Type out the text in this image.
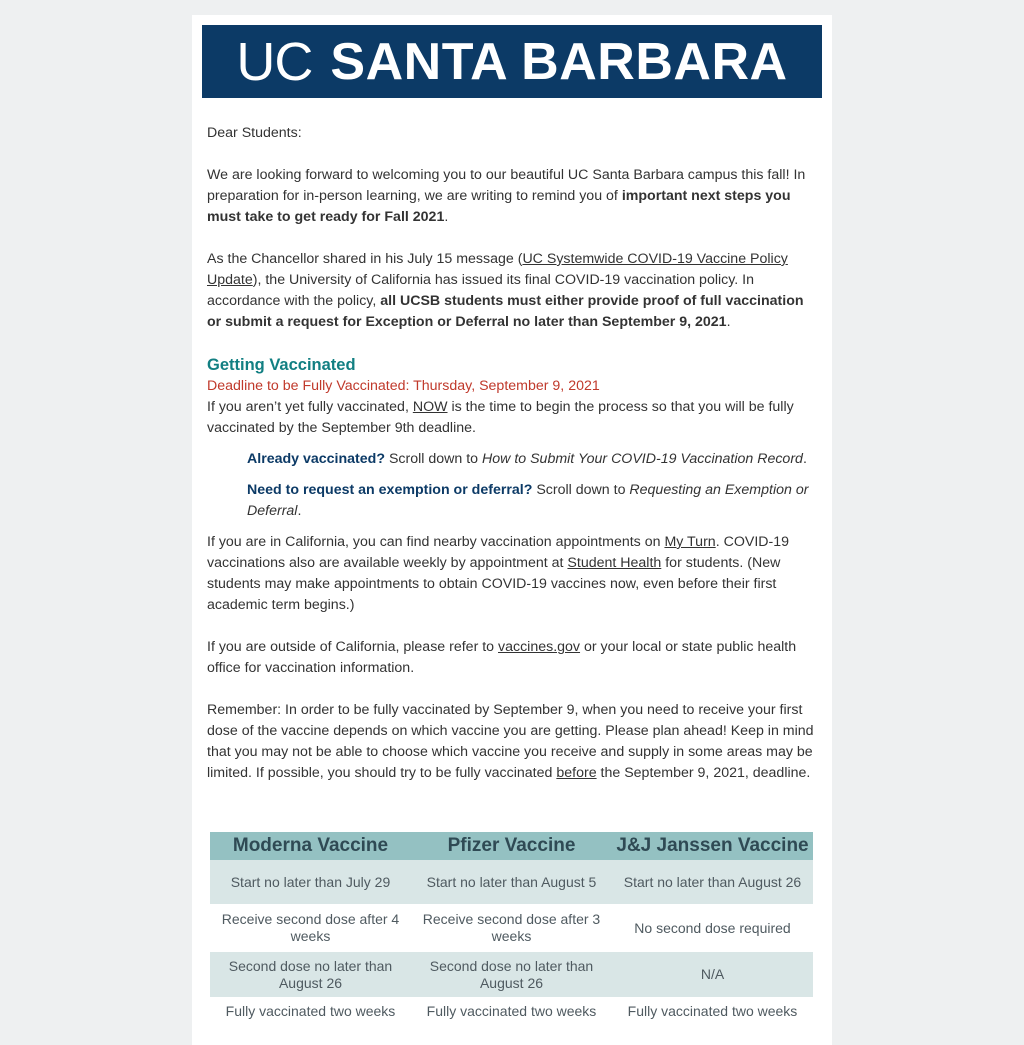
UC SANTA BARBARA

Dear Students:

We are looking forward to welcoming you to our beautiful UC Santa Barbara campus this fall! In preparation for in-person learning, we are writing to remind you of important next steps you must take to get ready for Fall 2021.

As the Chancellor shared in his July 15 message (UC Systemwide COVID-19 Vaccine Policy Update), the University of California has issued its final COVID-19 vaccination policy. In accordance with the policy, all UCSB students must either provide proof of full vaccination or submit a request for Exception or Deferral no later than September 9, 2021.

Getting Vaccinated
Deadline to be Fully Vaccinated: Thursday, September 9, 2021

If you aren’t yet fully vaccinated, NOW is the time to begin the process so that you will be fully vaccinated by the September 9th deadline.

Already vaccinated? Scroll down to How to Submit Your COVID-19 Vaccination Record.
Need to request an exemption or deferral? Scroll down to Requesting an Exemption or Deferral.

If you are in California, you can find nearby vaccination appointments on My Turn. COVID-19 vaccinations also are available weekly by appointment at Student Health for students. (New students may make appointments to obtain COVID-19 vaccines now, even before their first academic term begins.)

If you are outside of California, please refer to vaccines.gov or your local or state public health office for vaccination information.

Remember: In order to be fully vaccinated by September 9, when you need to receive your first dose of the vaccine depends on which vaccine you are getting. Please plan ahead! Keep in mind that you may not be able to choose which vaccine you receive and supply in some areas may be limited. If possible, you should try to be fully vaccinated before the September 9, 2021, deadline.

Moderna Vaccine	Pfizer Vaccine	J&J Janssen Vaccine
Start no later than July 29	Start no later than August 5	Start no later than August 26
Receive second dose after 4 weeks	Receive second dose after 3 weeks	No second dose required
Second dose no later than August 26	Second dose no later than August 26	N/A
Fully vaccinated two weeks	Fully vaccinated two weeks	Fully vaccinated two weeks
